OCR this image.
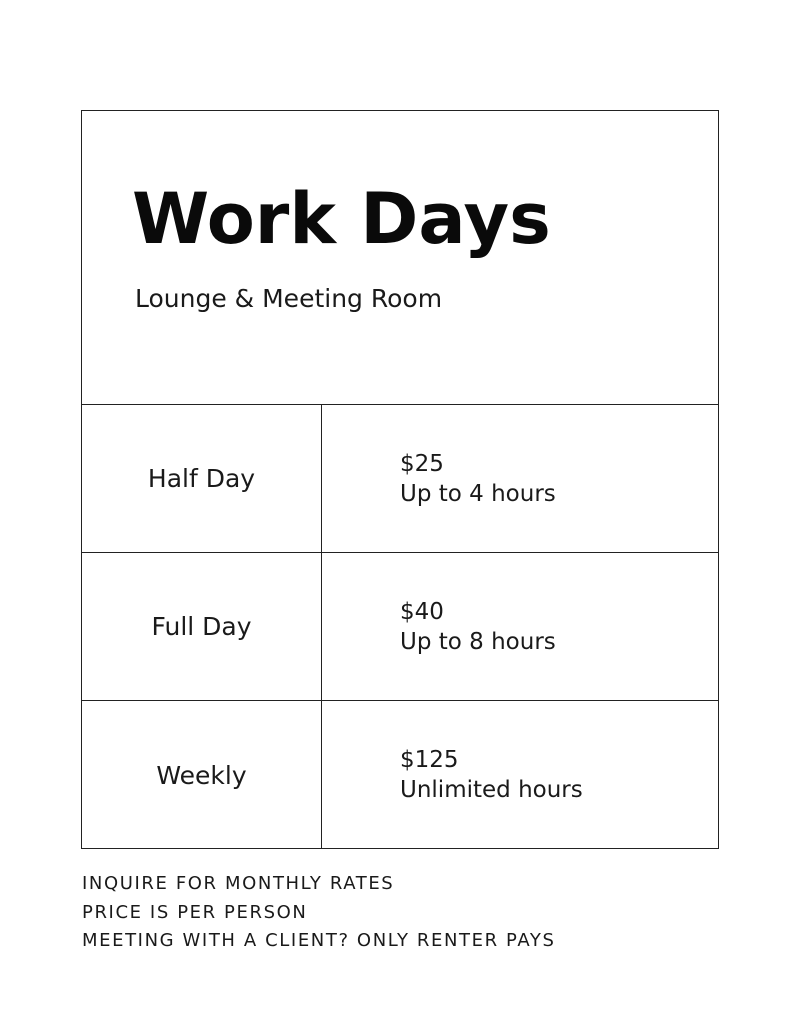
Work Days

Lounge & Meeting Room

Half Day
$25
Up to 4 hours
Full Day
$40
Up to 8 hours
Weekly
$125
Unlimited hours
INQUIRE FOR MONTHLY RATES
PRICE IS PER PERSON
MEETING WITH A CLIENT? ONLY RENTER PAYS
